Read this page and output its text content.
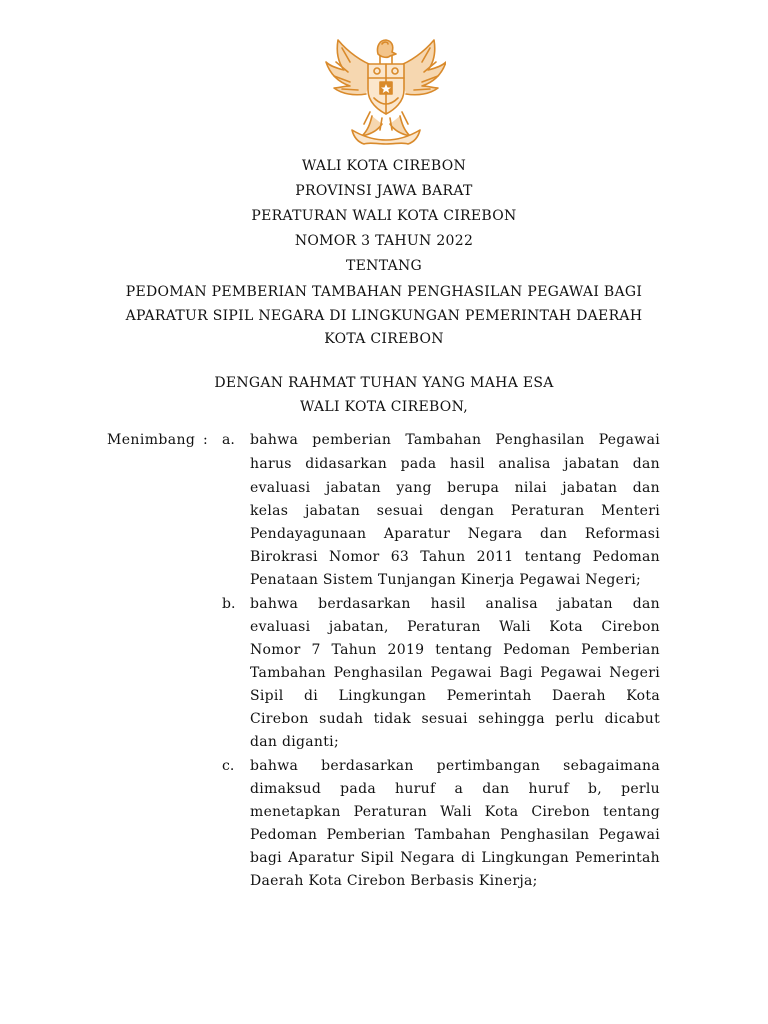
WALI KOTA CIREBON
PROVINSI JAWA BARAT
PERATURAN WALI KOTA CIREBON
NOMOR 3 TAHUN 2022
TENTANG
PEDOMAN PEMBERIAN TAMBAHAN PENGHASILAN PEGAWAI BAGI
APARATUR SIPIL NEGARA DI LINGKUNGAN PEMERINTAH DAERAH
KOTA CIREBON
DENGAN RAHMAT TUHAN YANG MAHA ESA
WALI KOTA CIREBON,
Menimbang : a. bahwa pemberian Tambahan Penghasilan Pegawai
harus didasarkan pada hasil analisa jabatan dan
evaluasi jabatan yang berupa nilai jabatan dan
kelas jabatan sesuai dengan Peraturan Menteri
Pendayagunaan Aparatur Negara dan Reformasi
Birokrasi Nomor 63 Tahun 2011 tentang Pedoman
Penataan Sistem Tunjangan Kinerja Pegawai Negeri;
b. bahwa berdasarkan hasil analisa jabatan dan
evaluasi jabatan, Peraturan Wali Kota Cirebon
Nomor 7 Tahun 2019 tentang Pedoman Pemberian
Tambahan Penghasilan Pegawai Bagi Pegawai Negeri
Sipil di Lingkungan Pemerintah Daerah Kota
Cirebon sudah tidak sesuai sehingga perlu dicabut
dan diganti;
c. bahwa berdasarkan pertimbangan sebagaimana
dimaksud pada huruf a dan huruf b, perlu
menetapkan Peraturan Wali Kota Cirebon tentang
Pedoman Pemberian Tambahan Penghasilan Pegawai
bagi Aparatur Sipil Negara di Lingkungan Pemerintah
Daerah Kota Cirebon Berbasis Kinerja;
